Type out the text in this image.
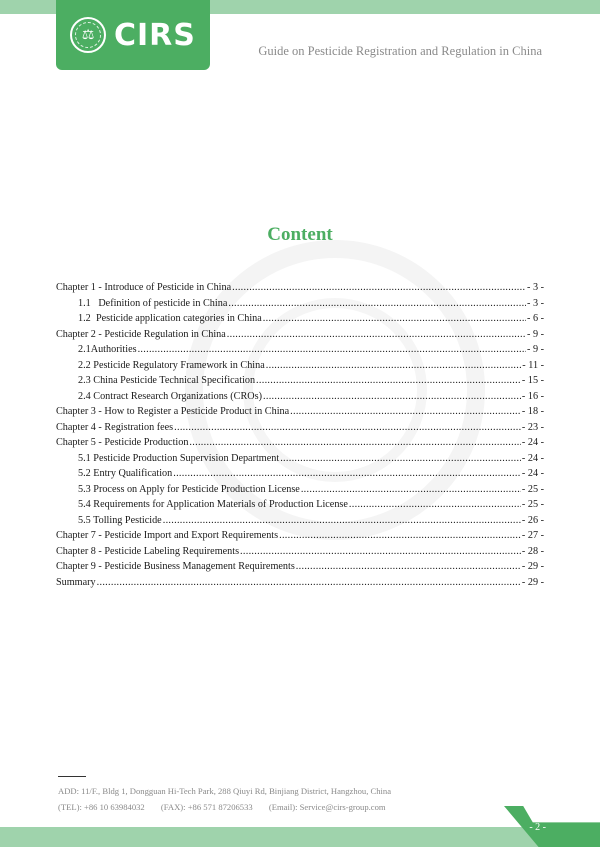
⚖ CIRS	Guide on Pesticide Registration and Regulation in China
Content
Chapter 1 - Introduce of Pesticide in China .....	- 3 -
1.1 Definition of pesticide in China .....	- 3 -
1.2 Pesticide application categories in China .....	- 6 -
Chapter 2 - Pesticide Regulation in China .....	- 9 -
2.1Authorities .....	- 9 -
2.2 Pesticide Regulatory Framework in China .....	- 11 -
2.3 China Pesticide Technical Specification .....	- 15 -
2.4 Contract Research Organizations (CROs) .....	- 16 -
Chapter 3 - How to Register a Pesticide Product in China .....	- 18 -
Chapter 4 - Registration fees .....	- 23 -
Chapter 5 - Pesticide Production .....	- 24 -
5.1 Pesticide Production Supervision Department .....	- 24 -
5.2 Entry Qualification .....	- 24 -
5.3 Process on Apply for Pesticide Production License .....	- 25 -
5.4 Requirements for Application Materials of Production License .....	- 25 -
5.5 Tolling Pesticide .....	- 26 -
Chapter 7 - Pesticide Import and Export Requirements .....	- 27 -
Chapter 8 - Pesticide Labeling Requirements .....	- 28 -
Chapter 9 - Pesticide Business Management Requirements .....	- 29 -
Summary .....	- 29 -
ADD: 11/F., Bldg 1, Dongguan Hi-Tech Park, 288 Qiuyi Rd, Binjiang District, Hangzhou, China
(TEL): +86 10 63984032 (FAX): +86 571 87206533 (Email): Service@cirs-group.com
- 2 -
